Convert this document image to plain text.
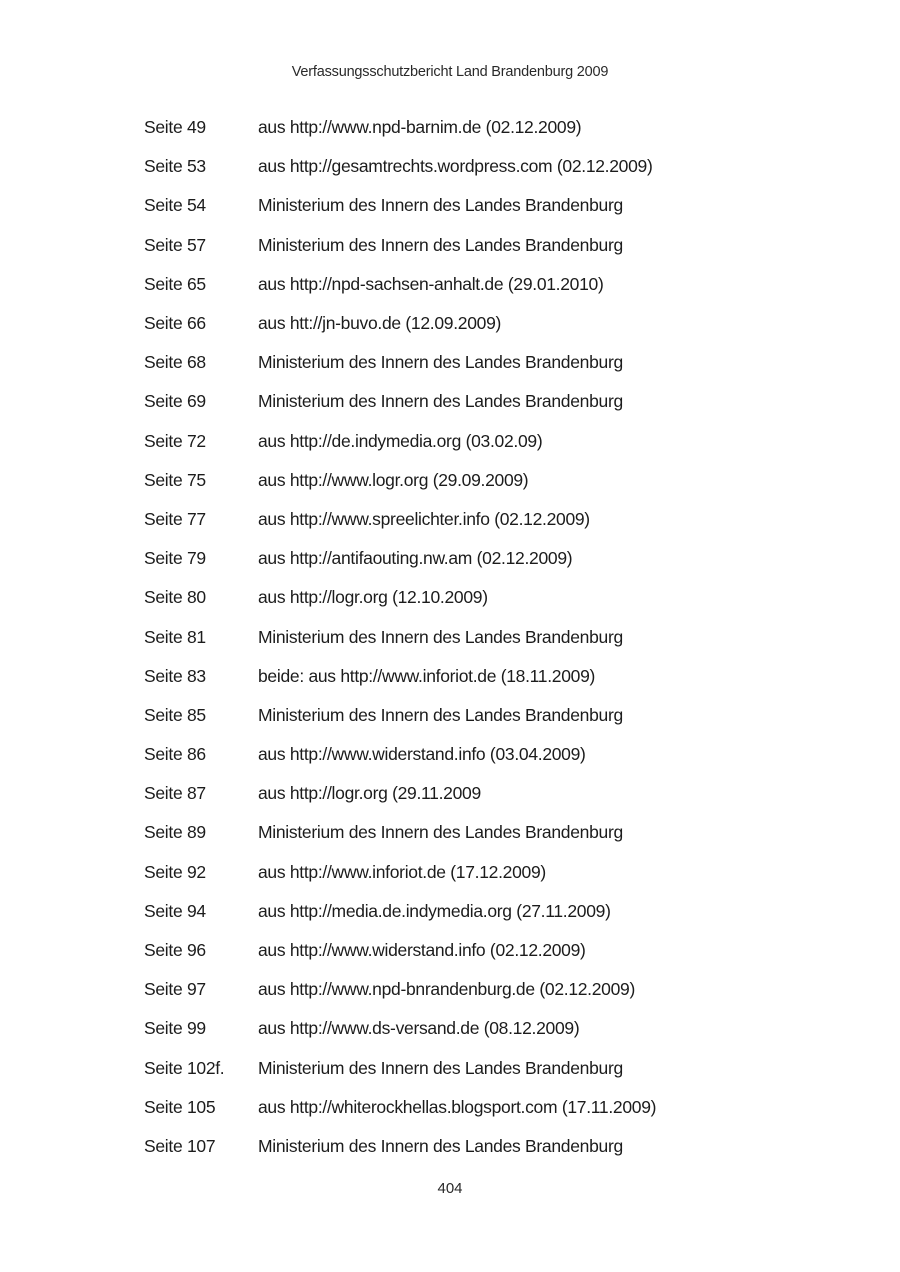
Verfassungsschutzbericht Land Brandenburg 2009
Seite 49	aus http://www.npd-barnim.de (02.12.2009)
Seite 53	aus http://gesamtrechts.wordpress.com (02.12.2009)
Seite 54	Ministerium des Innern des Landes Brandenburg
Seite 57	Ministerium des Innern des Landes Brandenburg
Seite 65	aus http://npd-sachsen-anhalt.de (29.01.2010)
Seite 66	aus htt://jn-buvo.de (12.09.2009)
Seite 68	Ministerium des Innern des Landes Brandenburg
Seite 69	Ministerium des Innern des Landes Brandenburg
Seite 72	aus http://de.indymedia.org (03.02.09)
Seite 75	aus http://www.logr.org (29.09.2009)
Seite 77	aus http://www.spreelichter.info (02.12.2009)
Seite 79	aus http://antifaouting.nw.am (02.12.2009)
Seite 80	aus http://logr.org (12.10.2009)
Seite 81	Ministerium des Innern des Landes Brandenburg
Seite 83	beide: aus http://www.inforiot.de (18.11.2009)
Seite 85	Ministerium des Innern des Landes Brandenburg
Seite 86	aus http://www.widerstand.info (03.04.2009)
Seite 87	aus http://logr.org (29.11.2009
Seite 89	Ministerium des Innern des Landes Brandenburg
Seite 92	aus http://www.inforiot.de (17.12.2009)
Seite 94	aus http://media.de.indymedia.org (27.11.2009)
Seite 96	aus http://www.widerstand.info (02.12.2009)
Seite 97	aus http://www.npd-bnrandenburg.de (02.12.2009)
Seite 99	aus http://www.ds-versand.de (08.12.2009)
Seite 102f.	Ministerium des Innern des Landes Brandenburg
Seite 105	aus http://whiterockhellas.blogsport.com (17.11.2009)
Seite 107	Ministerium des Innern des Landes Brandenburg
404
